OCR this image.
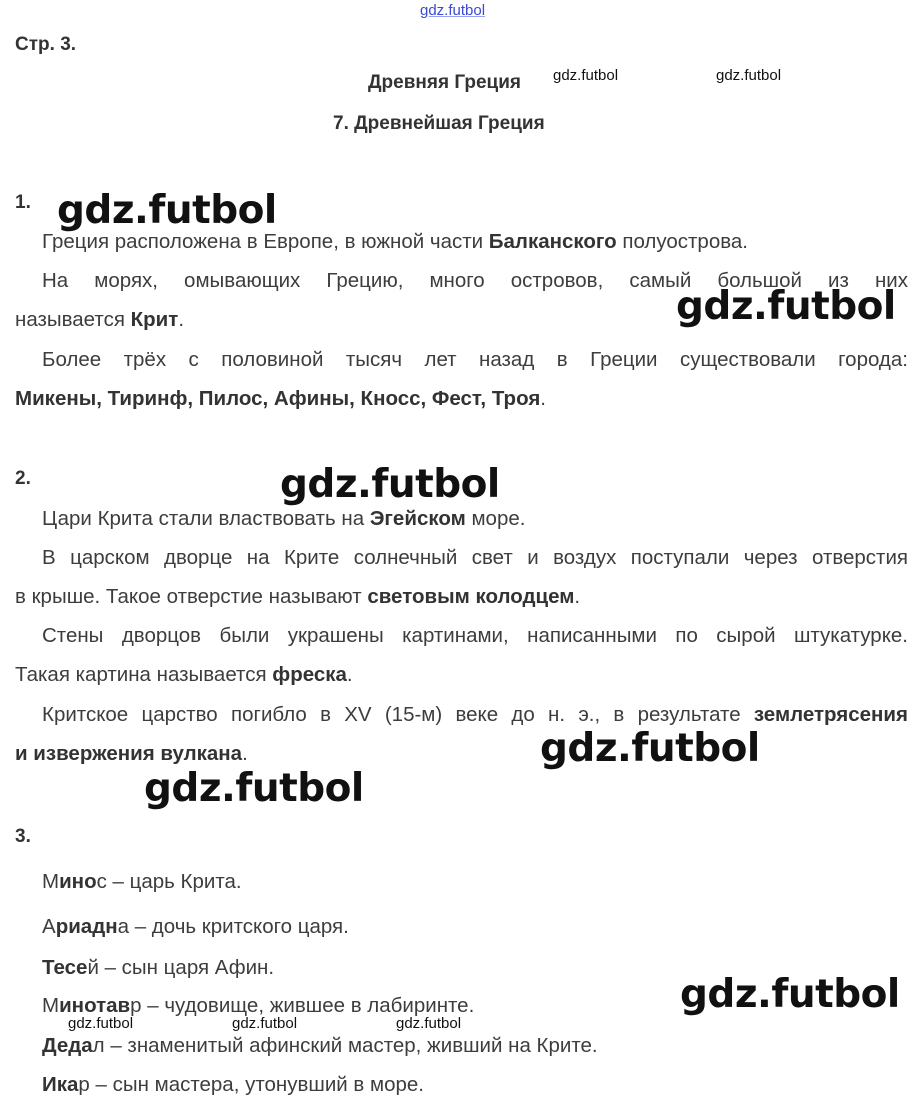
gdz.futbol
Стр. 3.
Древняя Греция gdz.futbol	gdz.futbol
7. Древнейшая Греция
1. gdz.futbol
Греция расположена в Европе, в южной части Балканского полуострова.
На морях, омывающих Грецию, много островов, самый большой из них
называется Крит.	gdz.futbol
Более трёх с половиной тысяч лет назад в Греции существовали города:
Микены, Тиринф, Пилос, Афины, Кносс, Фест, Троя.
2.	gdz.futbol
Цари Крита стали властвовать на Эгейском море.
В царском дворце на Крите солнечный свет и воздух поступали через отверстия
в крыше. Такое отверстие называют световым колодцем.
Стены дворцов были украшены картинами, написанными по сырой штукатурке.
Такая картина называется фреска.
Критское царство погибло в XV (15-м) веке до н. э., в результате землетрясения
и извержения вулкана.	gdz.futbol
gdz.futbol
3.
Минос – царь Крита.
Ариадна – дочь критского царя.
Тесей – сын царя Афин.
Минотавр – чудовище, жившее в лабиринте.	gdz.futbol
gdz.futbol	gdz.futbol	gdz.futbol
Дедал – знаменитый афинский мастер, живший на Крите.
Икар – сын мастера, утонувший в море.
